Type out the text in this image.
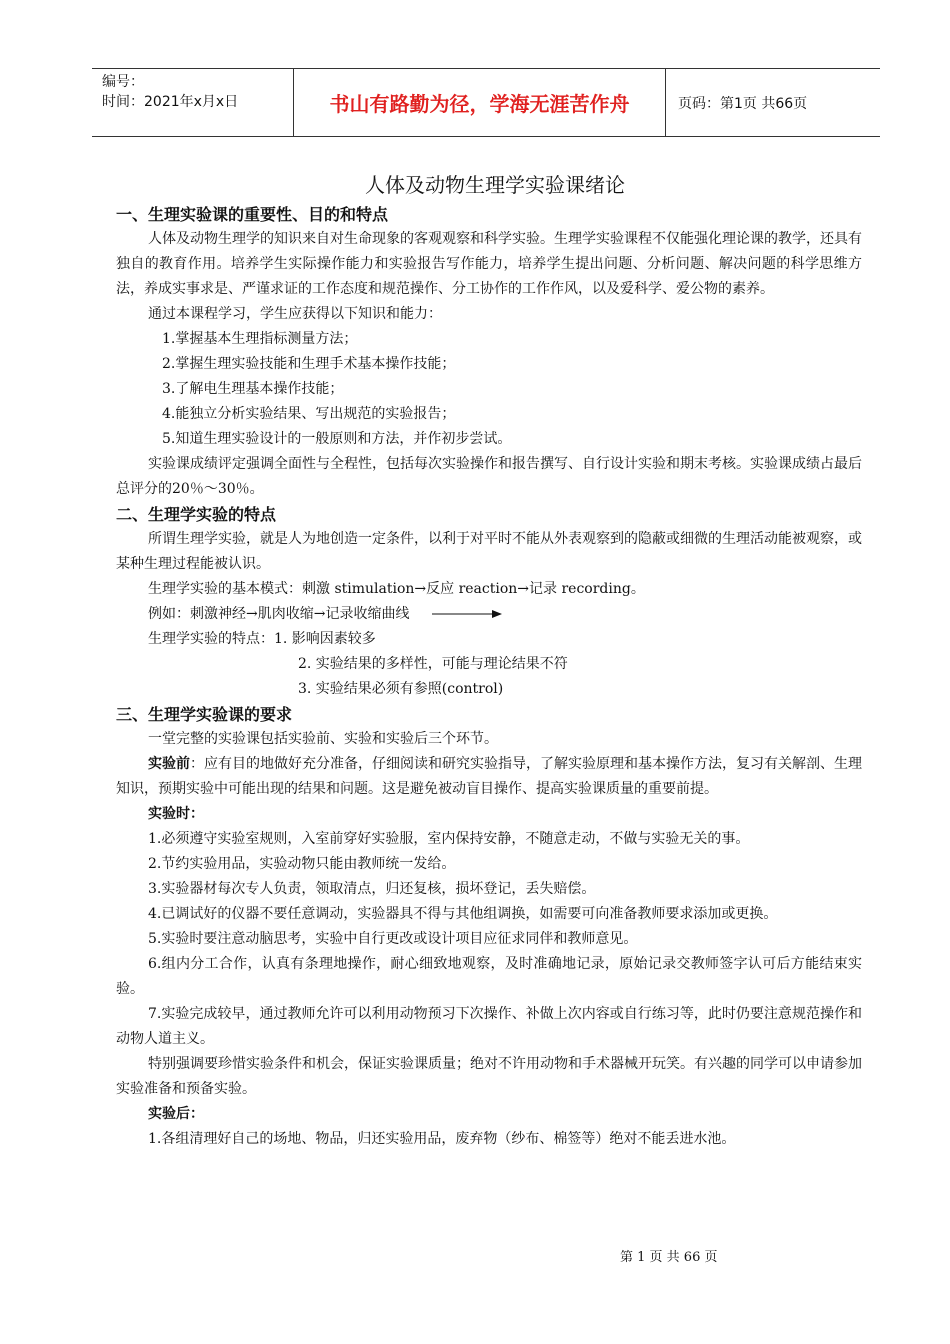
编号：
时间：2021年x月x日	书山有路勤为径，学海无涯苦作舟	页码：第1页 共66页
人体及动物生理学实验课绪论
一、生理实验课的重要性、目的和特点
人体及动物生理学的知识来自对生命现象的客观观察和科学实验。生理学实验课程不仅能强化理论课的教学，还具有独自的教育作用。培养学生实际操作能力和实验报告写作能力，培养学生提出问题、分析问题、解决问题的科学思维方法，养成实事求是、严谨求证的工作态度和规范操作、分工协作的工作作风，以及爱科学、爱公物的素养。
通过本课程学习，学生应获得以下知识和能力：
1.掌握基本生理指标测量方法；
2.掌握生理实验技能和生理手术基本操作技能；
3.了解电生理基本操作技能；
4.能独立分析实验结果、写出规范的实验报告；
5.知道生理实验设计的一般原则和方法，并作初步尝试。
实验课成绩评定强调全面性与全程性，包括每次实验操作和报告撰写、自行设计实验和期末考核。实验课成绩占最后总评分的20％～30％。
二、生理学实验的特点
所谓生理学实验，就是人为地创造一定条件，以利于对平时不能从外表观察到的隐蔽或细微的生理活动能被观察，或某种生理过程能被认识。
生理学实验的基本模式：刺激 stimulation→反应 reaction→记录 recording。
例如：刺激神经→肌肉收缩→记录收缩曲线
生理学实验的特点：1. 影响因素较多
2. 实验结果的多样性，可能与理论结果不符
3. 实验结果必须有参照(control)
三、生理学实验课的要求
一堂完整的实验课包括实验前、实验和实验后三个环节。
实验前：应有目的地做好充分准备，仔细阅读和研究实验指导，了解实验原理和基本操作方法，复习有关解剖、生理知识，预期实验中可能出现的结果和问题。这是避免被动盲目操作、提高实验课质量的重要前提。
实验时：
1.必须遵守实验室规则，入室前穿好实验服，室内保持安静，不随意走动，不做与实验无关的事。
2.节约实验用品，实验动物只能由教师统一发给。
3.实验器材每次专人负责，领取清点，归还复核，损坏登记，丢失赔偿。
4.已调试好的仪器不要任意调动，实验器具不得与其他组调换，如需要可向准备教师要求添加或更换。
5.实验时要注意动脑思考，实验中自行更改或设计项目应征求同伴和教师意见。
6.组内分工合作，认真有条理地操作，耐心细致地观察，及时准确地记录，原始记录交教师签字认可后方能结束实验。
7.实验完成较早，通过教师允许可以利用动物预习下次操作、补做上次内容或自行练习等，此时仍要注意规范操作和动物人道主义。
特别强调要珍惜实验条件和机会，保证实验课质量；绝对不许用动物和手术器械开玩笑。有兴趣的同学可以申请参加实验准备和预备实验。
实验后：
1.各组清理好自己的场地、物品，归还实验用品，废弃物（纱布、棉签等）绝对不能丢进水池。
第 1 页 共 66 页
